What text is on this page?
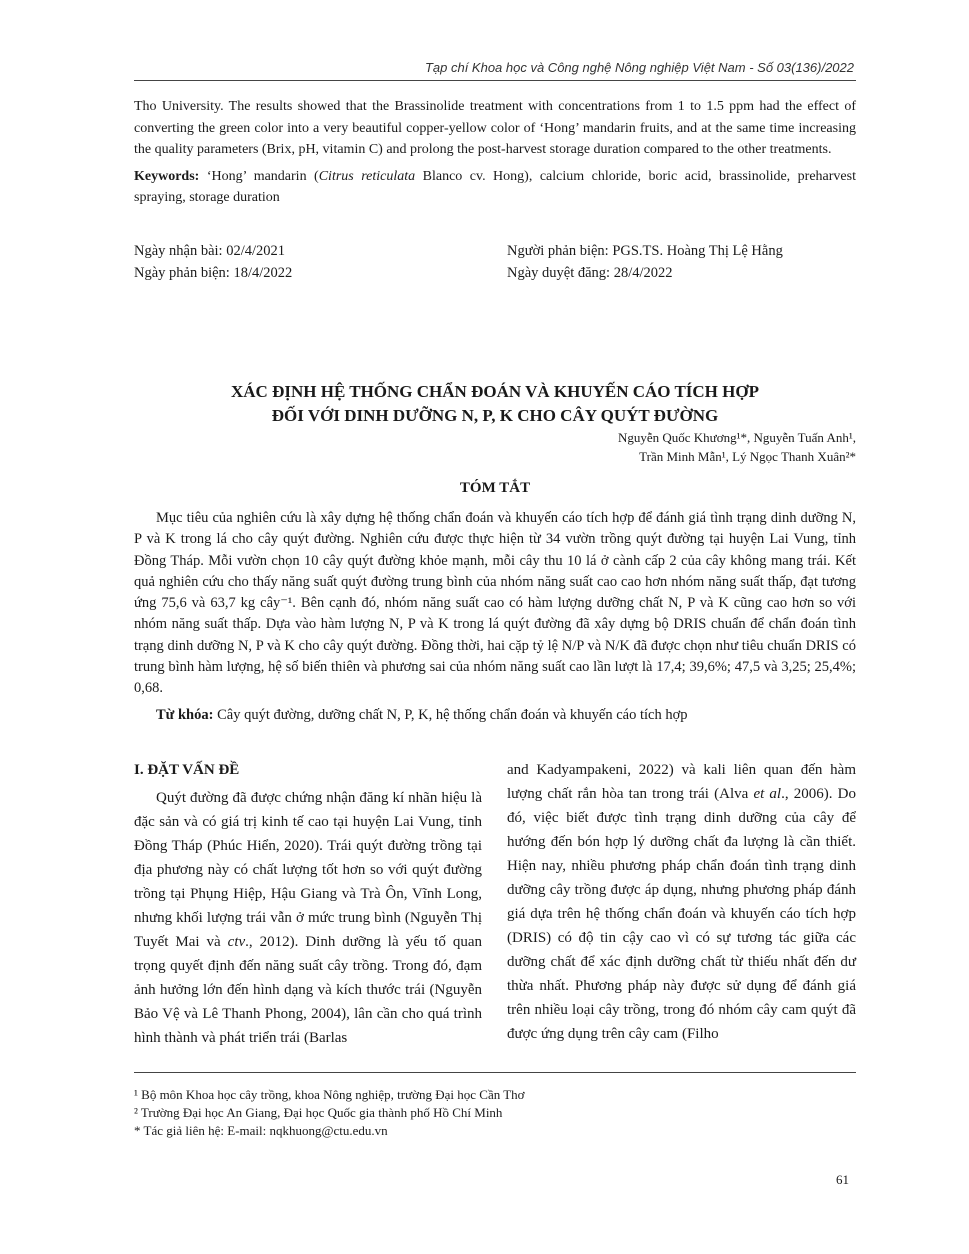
Tạp chí Khoa học và Công nghệ Nông nghiệp Việt Nam - Số 03(136)/2022

Tho University. The results showed that the Brassinolide treatment with concentrations from 1 to 1.5 ppm had the effect of converting the green color into a very beautiful copper-yellow color of ‘Hong’ mandarin fruits, and at the same time increasing the quality parameters (Brix, pH, vitamin C) and prolong the post-harvest storage duration compared to the other treatments.

Keywords: ‘Hong’ mandarin (Citrus reticulata Blanco cv. Hong), calcium chloride, boric acid, brassinolide, preharvest spraying, storage duration

Ngày nhận bài: 02/4/2021
Ngày phản biện: 18/4/2022
Người phản biện: PGS.TS. Hoàng Thị Lệ Hằng
Ngày duyệt đăng: 28/4/2022
XÁC ĐỊNH HỆ THỐNG CHẨN ĐOÁN VÀ KHUYẾN CÁO TÍCH HỢP
ĐỐI VỚI DINH DƯỠNG N, P, K CHO CÂY QUÝT ĐƯỜNG
Nguyễn Quốc Khương¹*, Nguyễn Tuấn Anh¹,
Trần Minh Mẫn¹, Lý Ngọc Thanh Xuân²*
TÓM TẮT

Mục tiêu của nghiên cứu là xây dựng hệ thống chẩn đoán và khuyến cáo tích hợp để đánh giá tình trạng dinh dưỡng N, P và K trong lá cho cây quýt đường. Nghiên cứu được thực hiện từ 34 vườn trồng quýt đường tại huyện Lai Vung, tỉnh Đồng Tháp. Mỗi vườn chọn 10 cây quýt đường khỏe mạnh, mỗi cây thu 10 lá ở cành cấp 2 của cây không mang trái. Kết quả nghiên cứu cho thấy năng suất quýt đường trung bình của nhóm năng suất cao cao hơn nhóm năng suất thấp, đạt tương ứng 75,6 và 63,7 kg cây⁻¹. Bên cạnh đó, nhóm năng suất cao có hàm lượng dưỡng chất N, P và K cũng cao hơn so với nhóm năng suất thấp. Dựa vào hàm lượng N, P và K trong lá quýt đường đã xây dựng bộ DRIS chuẩn để chẩn đoán tình trạng dinh dưỡng N, P và K cho cây quýt đường. Đồng thời, hai cặp tỷ lệ N/P và N/K đã được chọn như tiêu chuẩn DRIS có trung bình hàm lượng, hệ số biến thiên và phương sai của nhóm năng suất cao lần lượt là 17,4; 39,6%; 47,5 và 3,25; 25,4%; 0,68.

Từ khóa: Cây quýt đường, dưỡng chất N, P, K, hệ thống chẩn đoán và khuyến cáo tích hợp

I. ĐẶT VẤN ĐỀ

Quýt đường đã được chứng nhận đăng kí nhãn hiệu là đặc sản và có giá trị kinh tế cao tại huyện Lai Vung, tỉnh Đồng Tháp (Phúc Hiển, 2020). Trái quýt đường trồng tại địa phương này có chất lượng tốt hơn so với quýt đường trồng tại Phụng Hiệp, Hậu Giang và Trà Ôn, Vĩnh Long, nhưng khối lượng trái vẫn ở mức trung bình (Nguyễn Thị Tuyết Mai và ctv., 2012). Dinh dưỡng là yếu tố quan trọng quyết định đến năng suất cây trồng. Trong đó, đạm ảnh hưởng lớn đến hình dạng và kích thước trái (Nguyễn Bảo Vệ và Lê Thanh Phong, 2004), lân cần cho quá trình hình thành và phát triển trái (Barlas

and Kadyampakeni, 2022) và kali liên quan đến hàm lượng chất rắn hòa tan trong trái (Alva et al., 2006). Do đó, việc biết được tình trạng dinh dưỡng của cây để hướng đến bón hợp lý dưỡng chất đa lượng là cần thiết. Hiện nay, nhiều phương pháp chẩn đoán tình trạng dinh dưỡng cây trồng được áp dụng, nhưng phương pháp đánh giá dựa trên hệ thống chẩn đoán và khuyến cáo tích hợp (DRIS) có độ tin cậy cao vì có sự tương tác giữa các dưỡng chất để xác định dưỡng chất từ thiếu nhất đến dư thừa nhất. Phương pháp này được sử dụng để đánh giá trên nhiều loại cây trồng, trong đó nhóm cây cam quýt đã được ứng dụng trên cây cam (Filho

¹ Bộ môn Khoa học cây trồng, khoa Nông nghiệp, trường Đại học Cần Thơ

² Trường Đại học An Giang, Đại học Quốc gia thành phố Hồ Chí Minh

* Tác giả liên hệ: E-mail: nqkhuong@ctu.edu.vn

61
